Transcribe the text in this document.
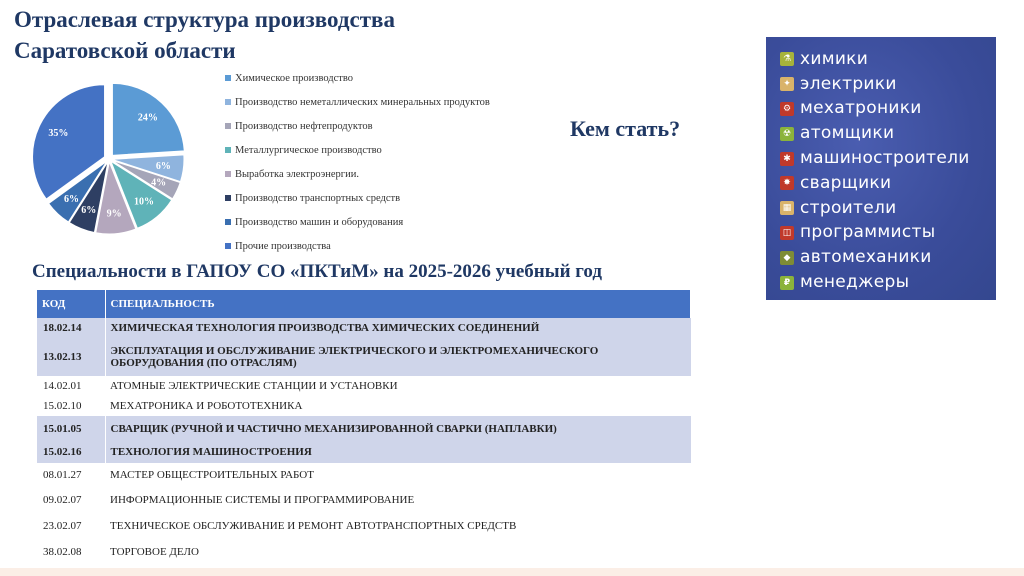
Отраслевая структура производства
Саратовской области
24%
6%
4%
10%
9%
6%
6%
35%
Химическое производство
Производство неметаллических минеральных продуктов
Производство нефтепродуктов
Металлургическое производство
Выработка электроэнергии.
Производство транспортных средств
Производство машин и оборудования
Прочие производства
Кем стать?
⚗ химики
✦ электрики
⚙ мехатроники
☢ атомщики
✱ машиностроители
✸ сварщики
▦ строители
◫ программисты
◆ автомеханики
₽ менеджеры
Специальности в ГАПОУ СО «ПКТиМ» на 2025-2026 учебный год
КОД	СПЕЦИАЛЬНОСТЬ
18.02.14	ХИМИЧЕСКАЯ ТЕХНОЛОГИЯ ПРОИЗВОДСТВА ХИМИЧЕСКИХ СОЕДИНЕНИЙ
13.02.13	ЭКСПЛУАТАЦИЯ И ОБСЛУЖИВАНИЕ ЭЛЕКТРИЧЕСКОГО И ЭЛЕКТРОМЕХАНИЧЕСКОГО ОБОРУДОВАНИЯ (ПО ОТРАСЛЯМ)
14.02.01	АТОМНЫЕ ЭЛЕКТРИЧЕСКИЕ СТАНЦИИ И УСТАНОВКИ
15.02.10	МЕХАТРОНИКА И РОБОТОТЕХНИКА
15.01.05	СВАРЩИК (РУЧНОЙ И ЧАСТИЧНО МЕХАНИЗИРОВАННОЙ СВАРКИ (НАПЛАВКИ)
15.02.16	ТЕХНОЛОГИЯ МАШИНОСТРОЕНИЯ
08.01.27	МАСТЕР ОБЩЕСТРОИТЕЛЬНЫХ РАБОТ
09.02.07	ИНФОРМАЦИОННЫЕ СИСТЕМЫ И ПРОГРАММИРОВАНИЕ
23.02.07	ТЕХНИЧЕСКОЕ ОБСЛУЖИВАНИЕ И РЕМОНТ АВТОТРАНСПОРТНЫХ СРЕДСТВ
38.02.08	ТОРГОВОЕ ДЕЛО
